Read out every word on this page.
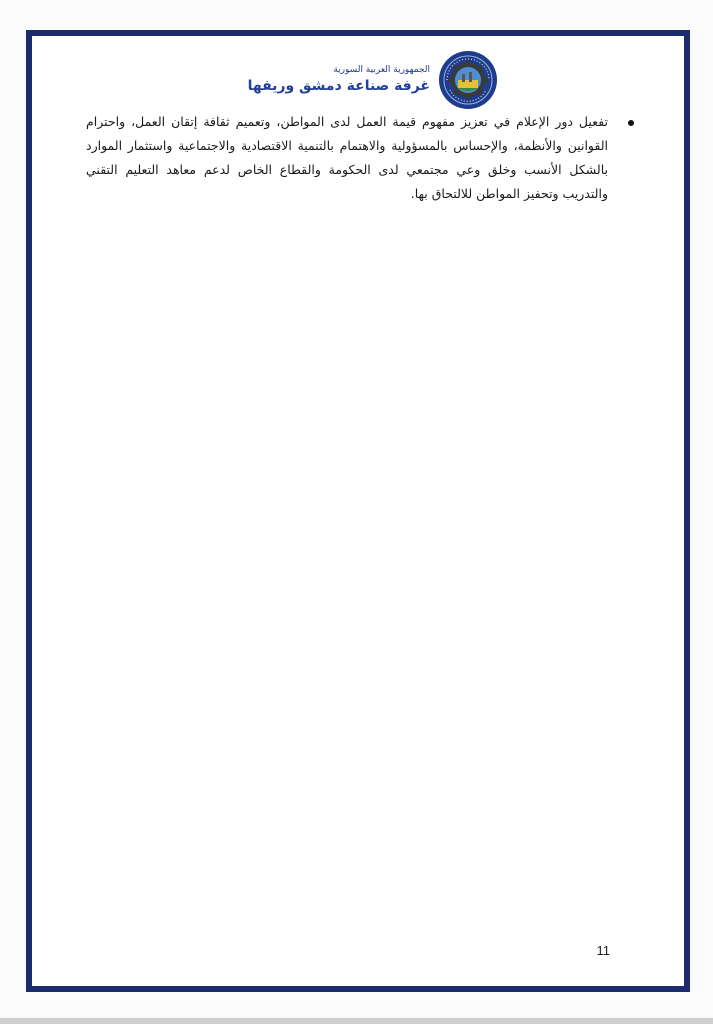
الجمهورية العربية السورية
غرفة صناعة دمشق وريفها
تفعيل دور الإعلام في تعزيز مفهوم قيمة العمل لدى المواطن، وتعميم ثقافة إتقان العمل، واحترام القوانين والأنظمة، والإحساس بالمسؤولية والاهتمام بالتنمية الاقتصادية والاجتماعية واستثمار الموارد بالشكل الأنسب وخلق وعي مجتمعي لدى الحكومة والقطاع الخاص لدعم معاهد التعليم التقني والتدريب وتحفيز المواطن للالتحاق بها.
11
